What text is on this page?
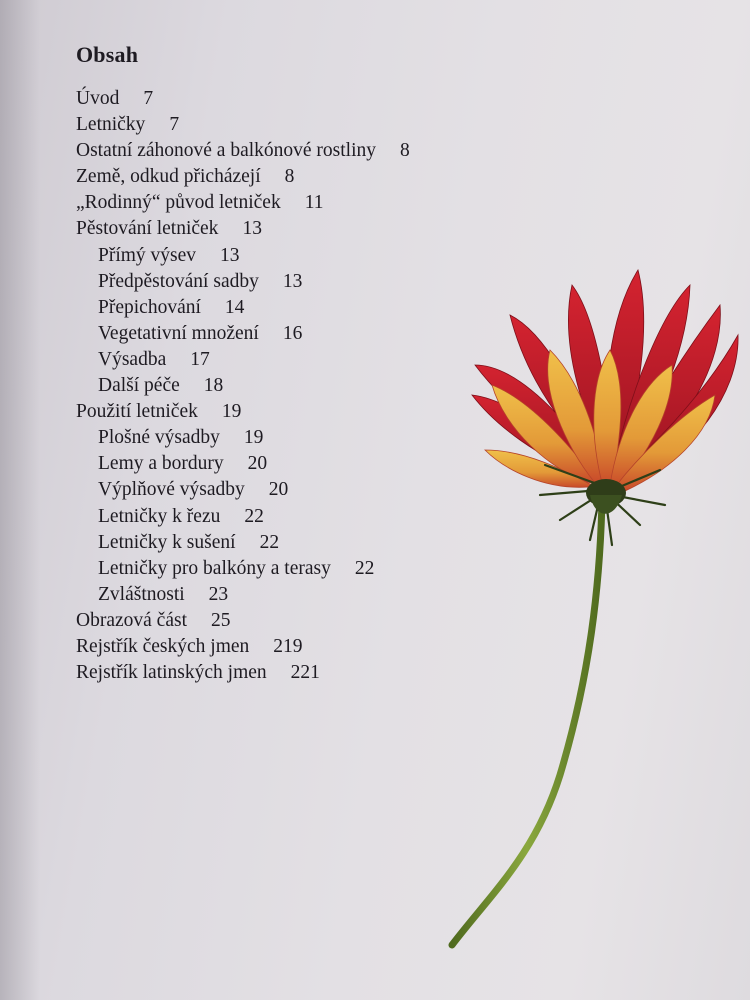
Obsah
Úvod 7
Letničky 7
Ostatní záhonové a balkónové rostliny 8
Země, odkud přicházejí 8
„Rodinný“ původ letniček 11
Pěstování letniček 13
Přímý výsev 13
Předpěstování sadby 13
Přepichování 14
Vegetativní množení 16
Výsadba 17
Další péče 18
Použití letniček 19
Plošné výsadby 19
Lemy a bordury 20
Výplňové výsadby 20
Letničky k řezu 22
Letničky k sušení 22
Letničky pro balkóny a terasy 22
Zvláštnosti 23
Obrazová část 25
Rejstřík českých jmen 219
Rejstřík latinských jmen 221
